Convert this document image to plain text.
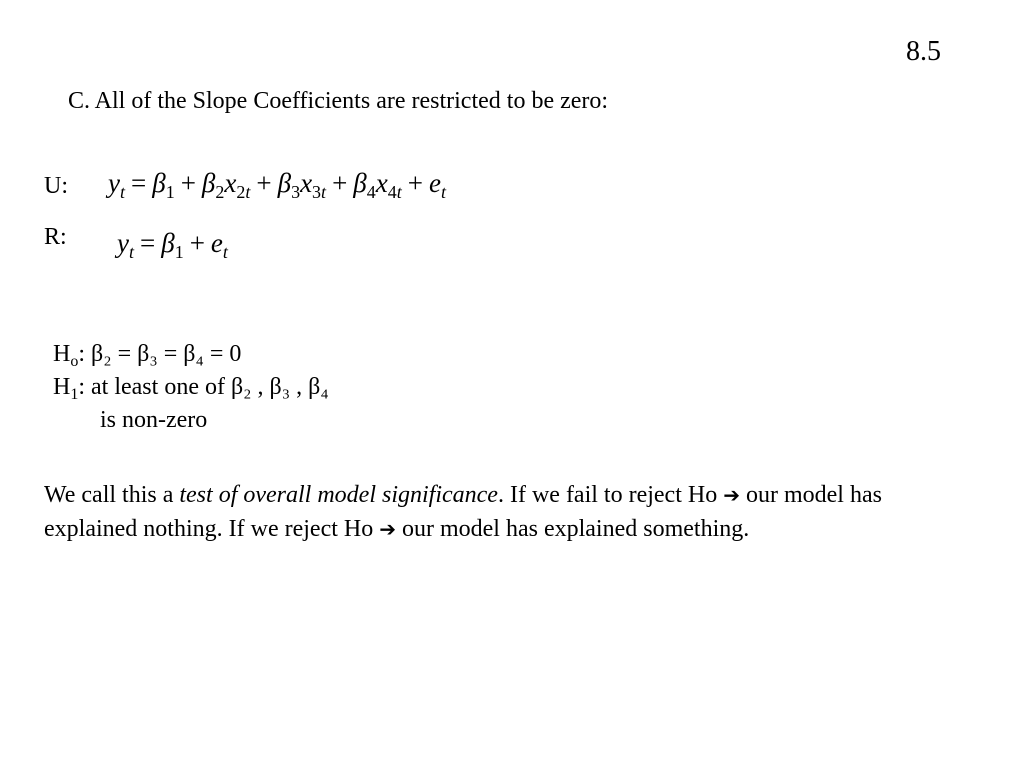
8.5
C. All of the Slope Coefficients are restricted to be zero:
U: $y_t = \beta_1 + \beta_2x_{2t} + \beta_3x_{3t} + \beta_4x_{4t} + e_t$
R: $y_t = \beta_1 + e_t$
$H_o$: β₂ = β₃ = β₄ = 0
$H_1$: at least one of β₂ , β₃ , β₄
is non-zero
We call this a test of overall model significance. If we fail to reject Ho ➔ our model has explained nothing. If we reject Ho ➔ our model has explained something.
